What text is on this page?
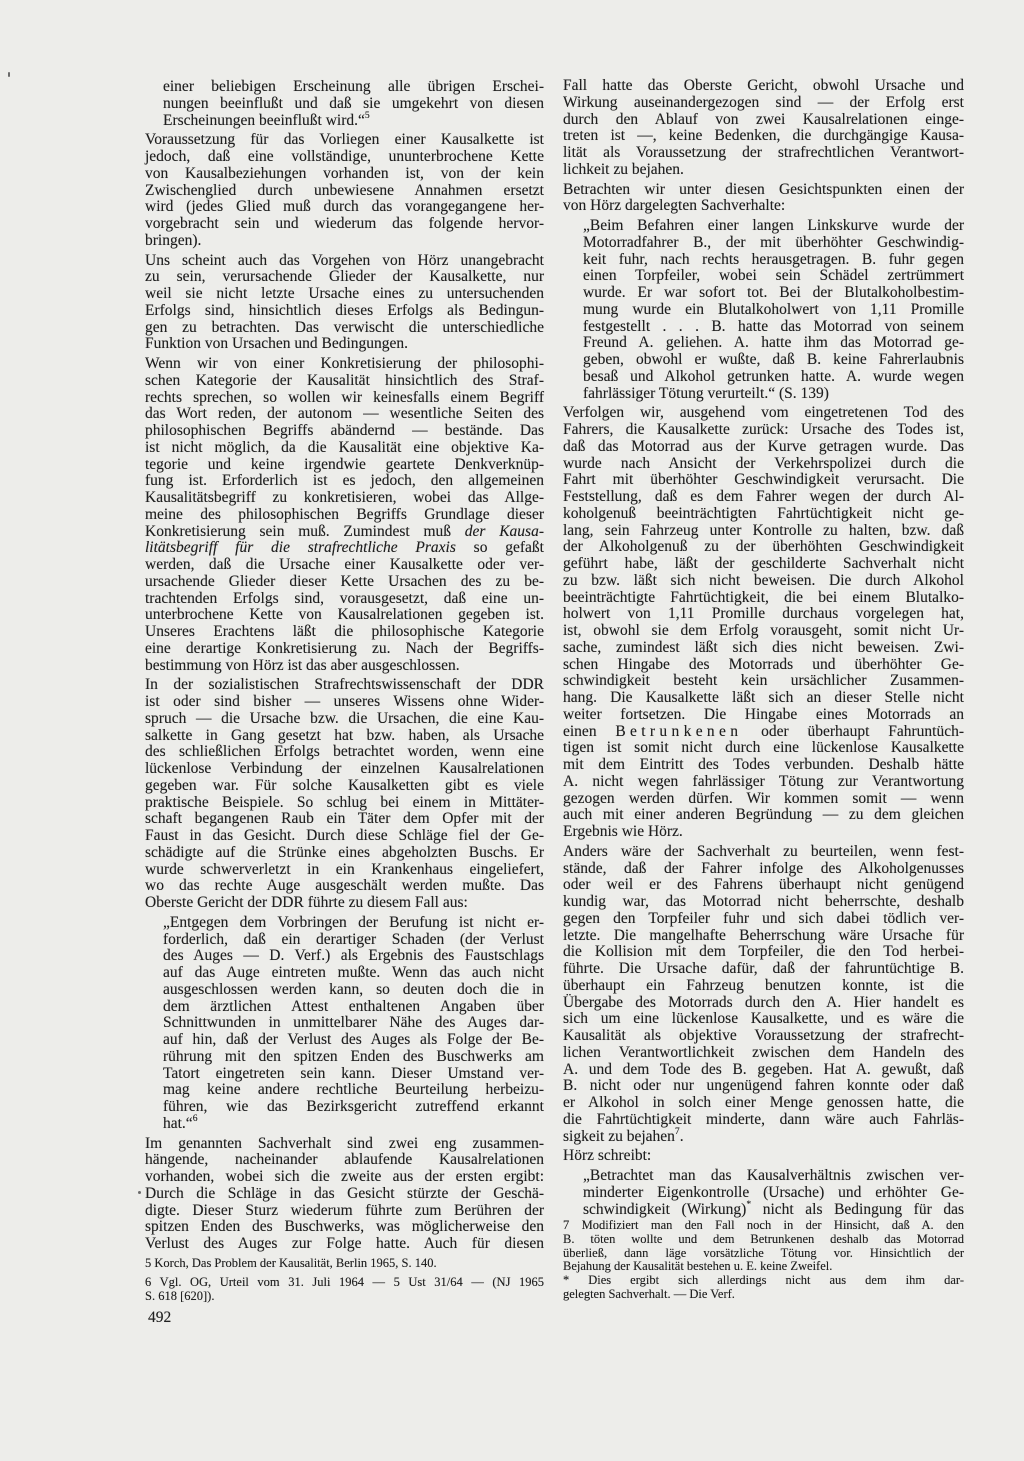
einer beliebigen Erscheinung alle übrigen Erschei-
nungen beeinflußt und daß sie umgekehrt von diesen
Erscheinungen beeinflußt wird.“$^5$
Voraussetzung für das Vorliegen einer Kausalkette ist
jedoch, daß eine vollständige, ununterbrochene Kette
von Kausalbeziehungen vorhanden ist, von der kein
Zwischenglied durch unbewiesene Annahmen ersetzt
wird (jedes Glied muß durch das vorangegangene her-
vorgebracht sein und wiederum das folgende hervor-
bringen).
Uns scheint auch das Vorgehen von Hörz unangebracht
zu sein, verursachende Glieder der Kausalkette, nur
weil sie nicht letzte Ursache eines zu untersuchenden
Erfolgs sind, hinsichtlich dieses Erfolgs als Bedingun-
gen zu betrachten. Das verwischt die unterschiedliche
Funktion von Ursachen und Bedingungen.
Wenn wir von einer Konkretisierung der philosophi-
schen Kategorie der Kausalität hinsichtlich des Straf-
rechts sprechen, so wollen wir keinesfalls einem Begriff
das Wort reden, der autonom — wesentliche Seiten des
philosophischen Begriffs abändernd — bestände. Das
ist nicht möglich, da die Kausalität eine objektive Ka-
tegorie und keine irgendwie geartete Denkverknüp-
fung ist. Erforderlich ist es jedoch, den allgemeinen
Kausalitätsbegriff zu konkretisieren, wobei das Allge-
meine des philosophischen Begriffs Grundlage dieser
Konkretisierung sein muß. Zumindest muß der Kausa-
litätsbegriff für die strafrechtliche Praxis so gefaßt
werden, daß die Ursache einer Kausalkette oder ver-
ursachende Glieder dieser Kette Ursachen des zu be-
trachtenden Erfolgs sind, vorausgesetzt, daß eine un-
unterbrochene Kette von Kausalrelationen gegeben ist.
Unseres Erachtens läßt die philosophische Kategorie
eine derartige Konkretisierung zu. Nach der Begriffs-
bestimmung von Hörz ist das aber ausgeschlossen.
In der sozialistischen Strafrechtswissenschaft der DDR
ist oder sind bisher — unseres Wissens ohne Wider-
spruch — die Ursache bzw. die Ursachen, die eine Kau-
salkette in Gang gesetzt hat bzw. haben, als Ursache
des schließlichen Erfolgs betrachtet worden, wenn eine
lückenlose Verbindung der einzelnen Kausalrelationen
gegeben war. Für solche Kausalketten gibt es viele
praktische Beispiele. So schlug bei einem in Mittäter-
schaft begangenen Raub ein Täter dem Opfer mit der
Faust in das Gesicht. Durch diese Schläge fiel der Ge-
schädigte auf die Strünke eines abgeholzten Buschs. Er
wurde schwerverletzt in ein Krankenhaus eingeliefert,
wo das rechte Auge ausgeschält werden mußte. Das
Oberste Gericht der DDR führte zu diesem Fall aus:
„Entgegen dem Vorbringen der Berufung ist nicht er-
forderlich, daß ein derartiger Schaden (der Verlust
des Auges — D. Verf.) als Ergebnis des Faustschlags
auf das Auge eintreten mußte. Wenn das auch nicht
ausgeschlossen werden kann, so deuten doch die in
dem ärztlichen Attest enthaltenen Angaben über
Schnittwunden in unmittelbarer Nähe des Auges dar-
auf hin, daß der Verlust des Auges als Folge der Be-
rührung mit den spitzen Enden des Buschwerks am
Tatort eingetreten sein kann. Dieser Umstand ver-
mag keine andere rechtliche Beurteilung herbeizu-
führen, wie das Bezirksgericht zutreffend erkannt
hat.“$^6$
Im genannten Sachverhalt sind zwei eng zusammen-
hängende, nacheinander ablaufende Kausalrelationen
vorhanden, wobei sich die zweite aus der ersten ergibt:
Durch die Schläge in das Gesicht stürzte der Geschä-
digte. Dieser Sturz wiederum führte zum Berühren der
spitzen Enden des Buschwerks, was möglicherweise den
Verlust des Auges zur Folge hatte. Auch für diesen
Fall hatte das Oberste Gericht, obwohl Ursache und
Wirkung auseinandergezogen sind — der Erfolg erst
durch den Ablauf von zwei Kausalrelationen einge-
treten ist —, keine Bedenken, die durchgängige Kausa-
lität als Voraussetzung der strafrechtlichen Verantwort-
lichkeit zu bejahen.
Betrachten wir unter diesen Gesichtspunkten einen der
von Hörz dargelegten Sachverhalte:
„Beim Befahren einer langen Linkskurve wurde der
Motorradfahrer B., der mit überhöhter Geschwindig-
keit fuhr, nach rechts herausgetragen. B. fuhr gegen
einen Torpfeiler, wobei sein Schädel zertrümmert
wurde. Er war sofort tot. Bei der Blutalkoholbestim-
mung wurde ein Blutalkoholwert von 1,11 Promille
festgestellt . . . B. hatte das Motorrad von seinem
Freund A. geliehen. A. hatte ihm das Motorrad ge-
geben, obwohl er wußte, daß B. keine Fahrerlaubnis
besaß und Alkohol getrunken hatte. A. wurde wegen
fahrlässiger Tötung verurteilt.“ (S. 139)
Verfolgen wir, ausgehend vom eingetretenen Tod des
Fahrers, die Kausalkette zurück: Ursache des Todes ist,
daß das Motorrad aus der Kurve getragen wurde. Das
wurde nach Ansicht der Verkehrspolizei durch die
Fahrt mit überhöhter Geschwindigkeit verursacht. Die
Feststellung, daß es dem Fahrer wegen der durch Al-
koholgenuß beeinträchtigten Fahrtüchtigkeit nicht ge-
lang, sein Fahrzeug unter Kontrolle zu halten, bzw. daß
der Alkoholgenuß zu der überhöhten Geschwindigkeit
geführt habe, läßt der geschilderte Sachverhalt nicht
zu bzw. läßt sich nicht beweisen. Die durch Alkohol
beeinträchtigte Fahrtüchtigkeit, die bei einem Blutalko-
holwert von 1,11 Promille durchaus vorgelegen hat,
ist, obwohl sie dem Erfolg vorausgeht, somit nicht Ur-
sache, zumindest läßt sich dies nicht beweisen. Zwi-
schen Hingabe des Motorrads und überhöhter Ge-
schwindigkeit besteht kein ursächlicher Zusammen-
hang. Die Kausalkette läßt sich an dieser Stelle nicht
weiter fortsetzen. Die Hingabe eines Motorrads an
einen Betrunkenen oder überhaupt Fahruntüch-
tigen ist somit nicht durch eine lückenlose Kausalkette
mit dem Eintritt des Todes verbunden. Deshalb hätte
A. nicht wegen fahrlässiger Tötung zur Verantwortung
gezogen werden dürfen. Wir kommen somit — wenn
auch mit einer anderen Begründung — zu dem gleichen
Ergebnis wie Hörz.
Anders wäre der Sachverhalt zu beurteilen, wenn fest-
stände, daß der Fahrer infolge des Alkoholgenusses
oder weil er des Fahrens überhaupt nicht genügend
kundig war, das Motorrad nicht beherrschte, deshalb
gegen den Torpfeiler fuhr und sich dabei tödlich ver-
letzte. Die mangelhafte Beherrschung wäre Ursache für
die Kollision mit dem Torpfeiler, die den Tod herbei-
führte. Die Ursache dafür, daß der fahruntüchtige B.
überhaupt ein Fahrzeug benutzen konnte, ist die
Übergabe des Motorrads durch den A. Hier handelt es
sich um eine lückenlose Kausalkette, und es wäre die
Kausalität als objektive Voraussetzung der strafrecht-
lichen Verantwortlichkeit zwischen dem Handeln des
A. und dem Tode des B. gegeben. Hat A. gewußt, daß
B. nicht oder nur ungenügend fahren konnte oder daß
er Alkohol in solch einer Menge genossen hatte, die
die Fahrtüchtigkeit minderte, dann wäre auch Fahrläs-
sigkeit zu bejahen$^7$.
Hörz schreibt:
„Betrachtet man das Kausalverhältnis zwischen ver-
minderter Eigenkontrolle (Ursache) und erhöhter Ge-
schwindigkeit (Wirkung)* nicht als Bedingung für das
5 Korch, Das Problem der Kausalität, Berlin 1965, S. 140.
6 Vgl. OG, Urteil vom 31. Juli 1964 — 5 Ust 31/64 — (NJ 1965
S. 618 [620]).
7 Modifiziert man den Fall noch in der Hinsicht, daß A. den
B. töten wollte und dem Betrunkenen deshalb das Motorrad
überließ, dann läge vorsätzliche Tötung vor. Hinsichtlich der
Bejahung der Kausalität bestehen u. E. keine Zweifel.
* Dies ergibt sich allerdings nicht aus dem ihm dar-
gelegten Sachverhalt. — Die Verf.
492
